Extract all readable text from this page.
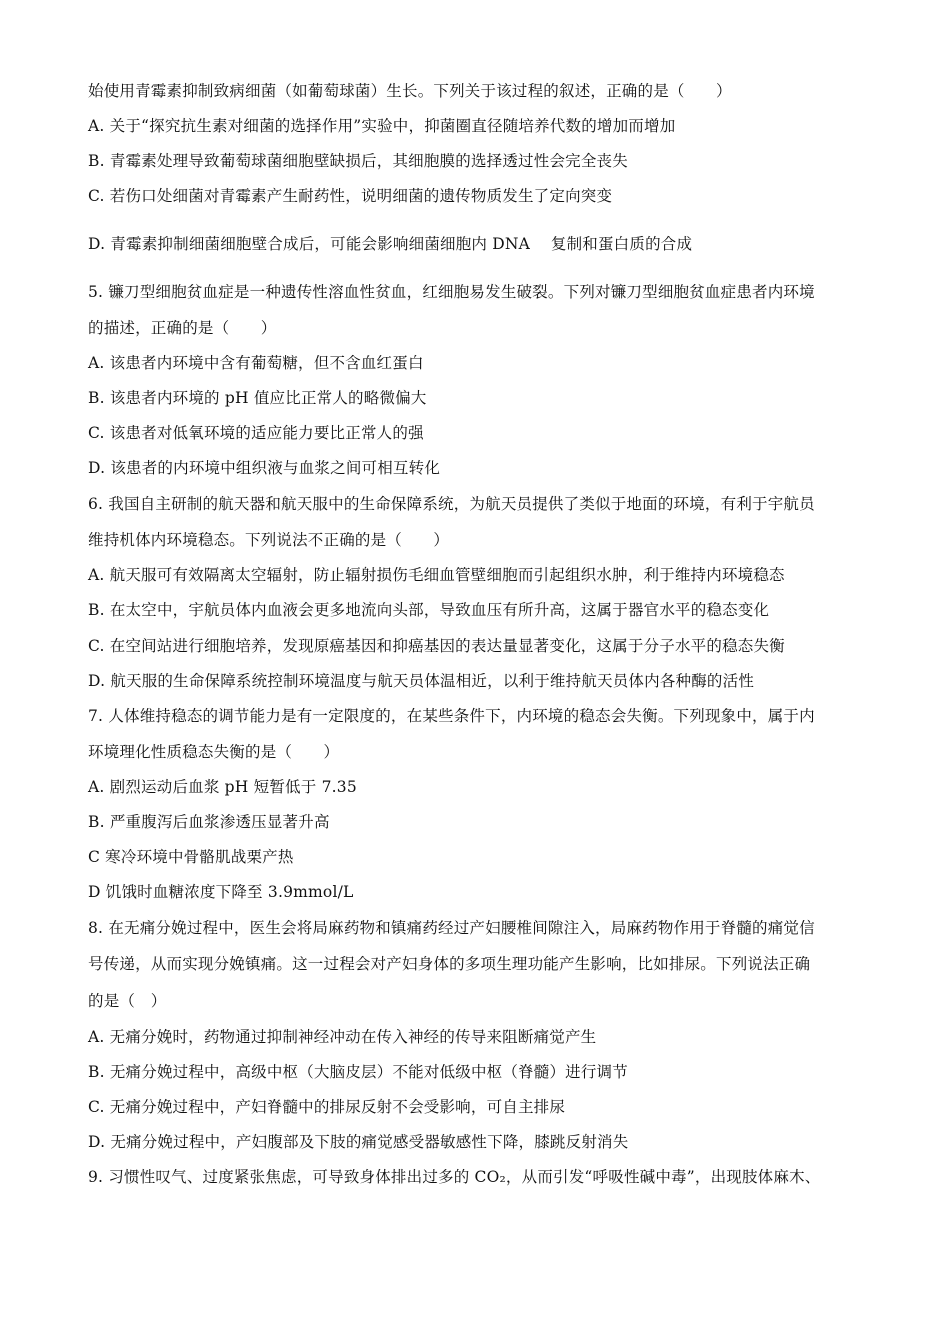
始使用青霉素抑制致病细菌（如葡萄球菌）生长。下列关于该过程的叙述，正确的是（　　）
A. 关于“探究抗生素对细菌的选择作用”实验中，抑菌圈直径随培养代数的增加而增加
B. 青霉素处理导致葡萄球菌细胞壁缺损后，其细胞膜的选择透过性会完全丧失
C. 若伤口处细菌对青霉素产生耐药性，说明细菌的遗传物质发生了定向突变
D. 青霉素抑制细菌细胞壁合成后，可能会影响细菌细胞内 DNA　 复制和蛋白质的合成
5. 镰刀型细胞贫血症是一种遗传性溶血性贫血，红细胞易发生破裂。下列对镰刀型细胞贫血症患者内环境
的描述，正确的是（　　）
A. 该患者内环境中含有葡萄糖，但不含血红蛋白
B. 该患者内环境的 pH 值应比正常人的略微偏大
C. 该患者对低氧环境的适应能力要比正常人的强
D. 该患者的内环境中组织液与血浆之间可相互转化
6. 我国自主研制的航天器和航天服中的生命保障系统，为航天员提供了类似于地面的环境，有利于宇航员
维持机体内环境稳态。下列说法不正确的是（　　）
A. 航天服可有效隔离太空辐射，防止辐射损伤毛细血管壁细胞而引起组织水肿，利于维持内环境稳态
B. 在太空中，宇航员体内血液会更多地流向头部，导致血压有所升高，这属于器官水平的稳态变化
C. 在空间站进行细胞培养，发现原癌基因和抑癌基因的表达量显著变化，这属于分子水平的稳态失衡
D. 航天服的生命保障系统控制环境温度与航天员体温相近，以利于维持航天员体内各种酶的活性
7. 人体维持稳态的调节能力是有一定限度的，在某些条件下，内环境的稳态会失衡。下列现象中，属于内
环境理化性质稳态失衡的是（　　）
A. 剧烈运动后血浆 pH 短暂低于 7.35
B. 严重腹泻后血浆渗透压显著升高
C 寒冷环境中骨骼肌战栗产热
D 饥饿时血糖浓度下降至 3.9mmol/L
8. 在无痛分娩过程中，医生会将局麻药物和镇痛药经过产妇腰椎间隙注入，局麻药物作用于脊髓的痛觉信
号传递，从而实现分娩镇痛。这一过程会对产妇身体的多项生理功能产生影响，比如排尿。下列说法正确
的是（　）
A. 无痛分娩时，药物通过抑制神经冲动在传入神经的传导来阻断痛觉产生
B. 无痛分娩过程中，高级中枢（大脑皮层）不能对低级中枢（脊髓）进行调节
C. 无痛分娩过程中，产妇脊髓中的排尿反射不会受影响，可自主排尿
D. 无痛分娩过程中，产妇腹部及下肢的痛觉感受器敏感性下降，膝跳反射消失
9. 习惯性叹气、过度紧张焦虑，可导致身体排出过多的 CO₂，从而引发“呼吸性碱中毒”，出现肢体麻木、
